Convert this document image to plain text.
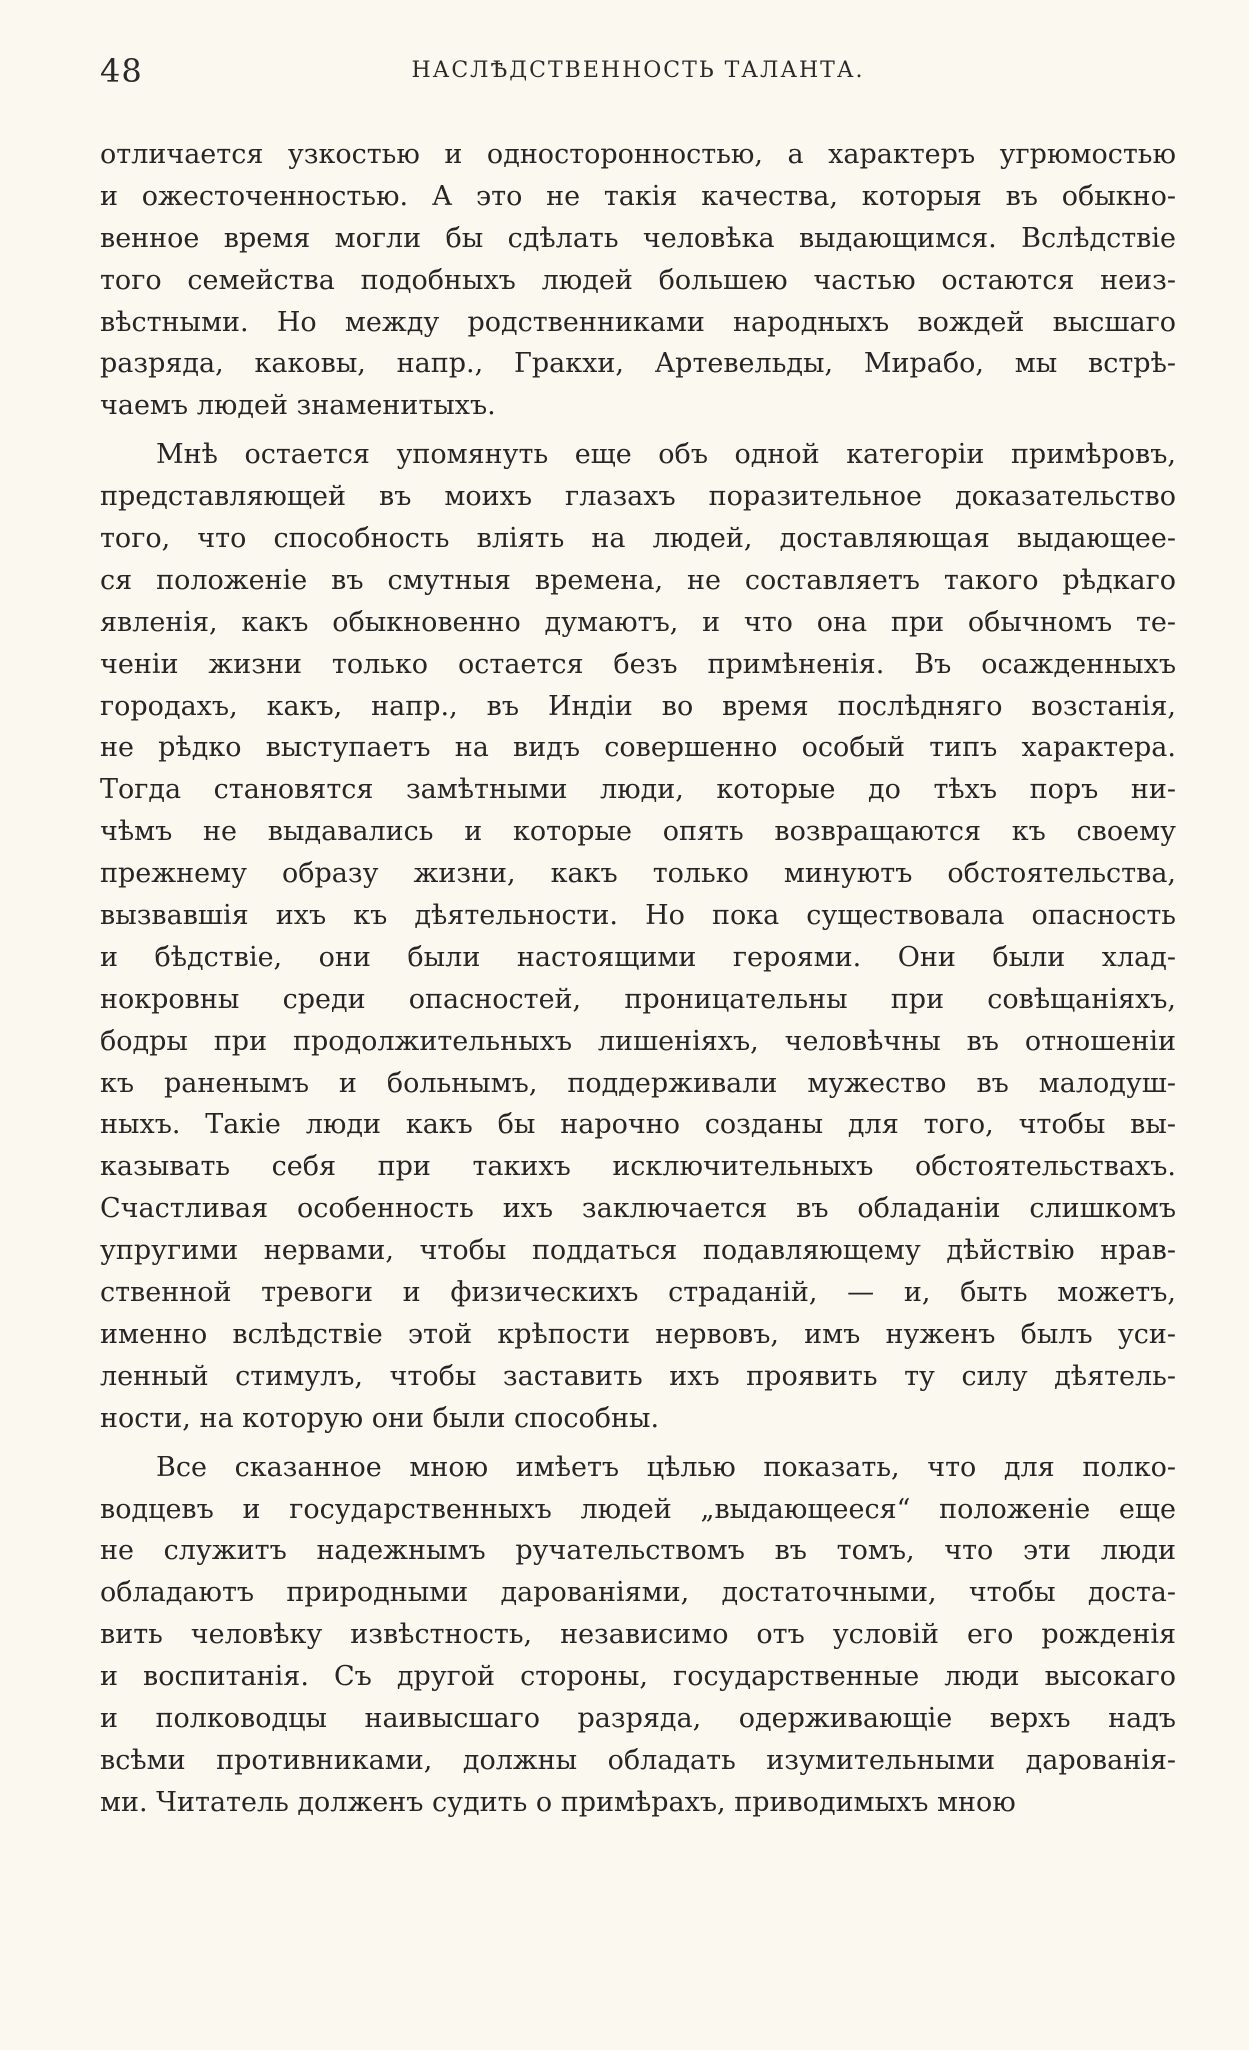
48	НАСЛѢДСТВЕННОСТЬ ТАЛАНТА.
отличается узкостью и односторонностью, а характеръ угрюмостью
и ожесточенностью. А это не такія качества, которыя въ обыкно-
венное время могли бы сдѣлать человѣка выдающимся. Вслѣдствіе
того семейства подобныхъ людей большею частью остаются неиз-
вѣстными. Но между родственниками народныхъ вождей высшаго
разряда, каковы, напр., Гракхи, Артевельды, Мирабо, мы встрѣ-
чаемъ людей знаменитыхъ.
Мнѣ остается упомянуть еще объ одной категоріи примѣровъ,
представляющей въ моихъ глазахъ поразительное доказательство
того, что способность вліять на людей, доставляющая выдающее-
ся положеніе въ смутныя времена, не составляетъ такого рѣдкаго
явленія, какъ обыкновенно думаютъ, и что она при обычномъ те-
ченіи жизни только остается безъ примѣненія. Въ осажденныхъ
городахъ, какъ, напр., въ Индіи во время послѣдняго возстанія,
не рѣдко выступаетъ на видъ совершенно особый типъ характера.
Тогда становятся замѣтными люди, которые до тѣхъ поръ ни-
чѣмъ не выдавались и которые опять возвращаются къ своему
прежнему образу жизни, какъ только минуютъ обстоятельства,
вызвавшія ихъ къ дѣятельности. Но пока существовала опасность
и бѣдствіе, они были настоящими героями. Они были хлад-
нокровны среди опасностей, проницательны при совѣщаніяхъ,
бодры при продолжительныхъ лишеніяхъ, человѣчны въ отношеніи
къ раненымъ и больнымъ, поддерживали мужество въ малодуш-
ныхъ. Такіе люди какъ бы нарочно созданы для того, чтобы вы-
казывать себя при такихъ исключительныхъ обстоятельствахъ.
Счастливая особенность ихъ заключается въ обладаніи слишкомъ
упругими нервами, чтобы поддаться подавляющему дѣйствію нрав-
ственной тревоги и физическихъ страданій, — и, быть можетъ,
именно вслѣдствіе этой крѣпости нервовъ, имъ нуженъ былъ уси-
ленный стимулъ, чтобы заставить ихъ проявить ту силу дѣятель-
ности, на которую они были способны.
Все сказанное мною имѣетъ цѣлью показать, что для полко-
водцевъ и государственныхъ людей „выдающееся“ положеніе еще
не служитъ надежнымъ ручательствомъ въ томъ, что эти люди
обладаютъ природными дарованіями, достаточными, чтобы доста-
вить человѣку извѣстность, независимо отъ условій его рожденія
и воспитанія. Съ другой стороны, государственные люди высокаго
и полководцы наивысшаго разряда, одерживающіе верхъ надъ
всѣми противниками, должны обладать изумительными дарованія-
ми. Читатель долженъ судить о примѣрахъ, приводимыхъ мною
